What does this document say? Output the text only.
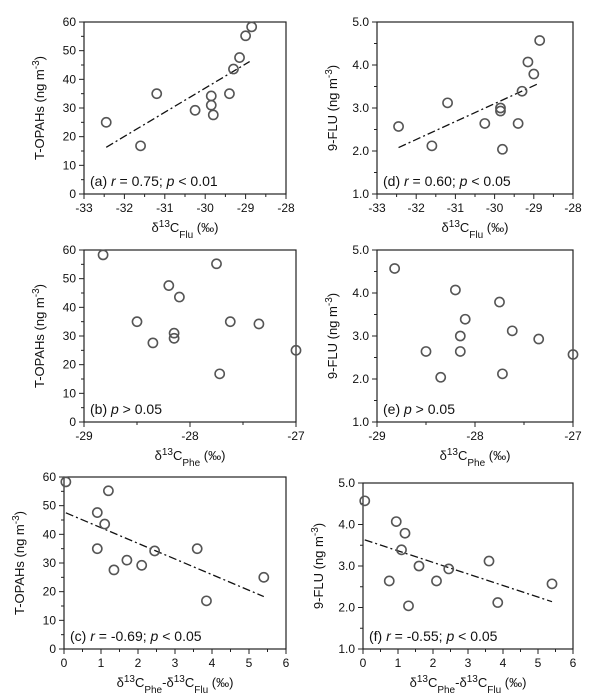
-33 -32 -31 -30 -29 -28
0
10
20
30
40
50
60
$\delta^{13}C_{Flu}$ (‰)
T-OPAHs (ng $m^{-3}$)
(a) r = 0.75; p < 0.01
-33 -32 -31 -30 -29 -28
1.0
2.0
3.0
4.0
5.0
$\delta^{13}C_{Flu}$ (‰)
9-FLU (ng $m^{-3}$)
(d) r = 0.60; p < 0.05
-29	-28	-27
0
10
20
30
40
50
60
$\delta^{13}C_{Phe}$ (‰)
T-OPAHs (ng $m^{-3}$)
(b) p > 0.05
-29	-28	-27
1.0
2.0
3.0
4.0
5.0
$\delta^{13}C_{Phe}$ (‰)
9-FLU (ng $m^{-3}$)
(e) p > 0.05
0	1	2	3	4	5	6
0
10
20
30
40
50
60
$\delta^{13}C_{Phe}-\delta^{13}C_{Flu}$ (‰)
T-OPAHs (ng $m^{-3}$)
(c) r = -0.69; p < 0.05
0 1 2 3 4 5 6
1.0
2.0
3.0
4.0
5.0
$\delta^{13}C_{Phe}-\delta^{13}C_{Flu}$ (‰)
9-FLU (ng $m^{-3}$)
(f) r = -0.55; p < 0.05
